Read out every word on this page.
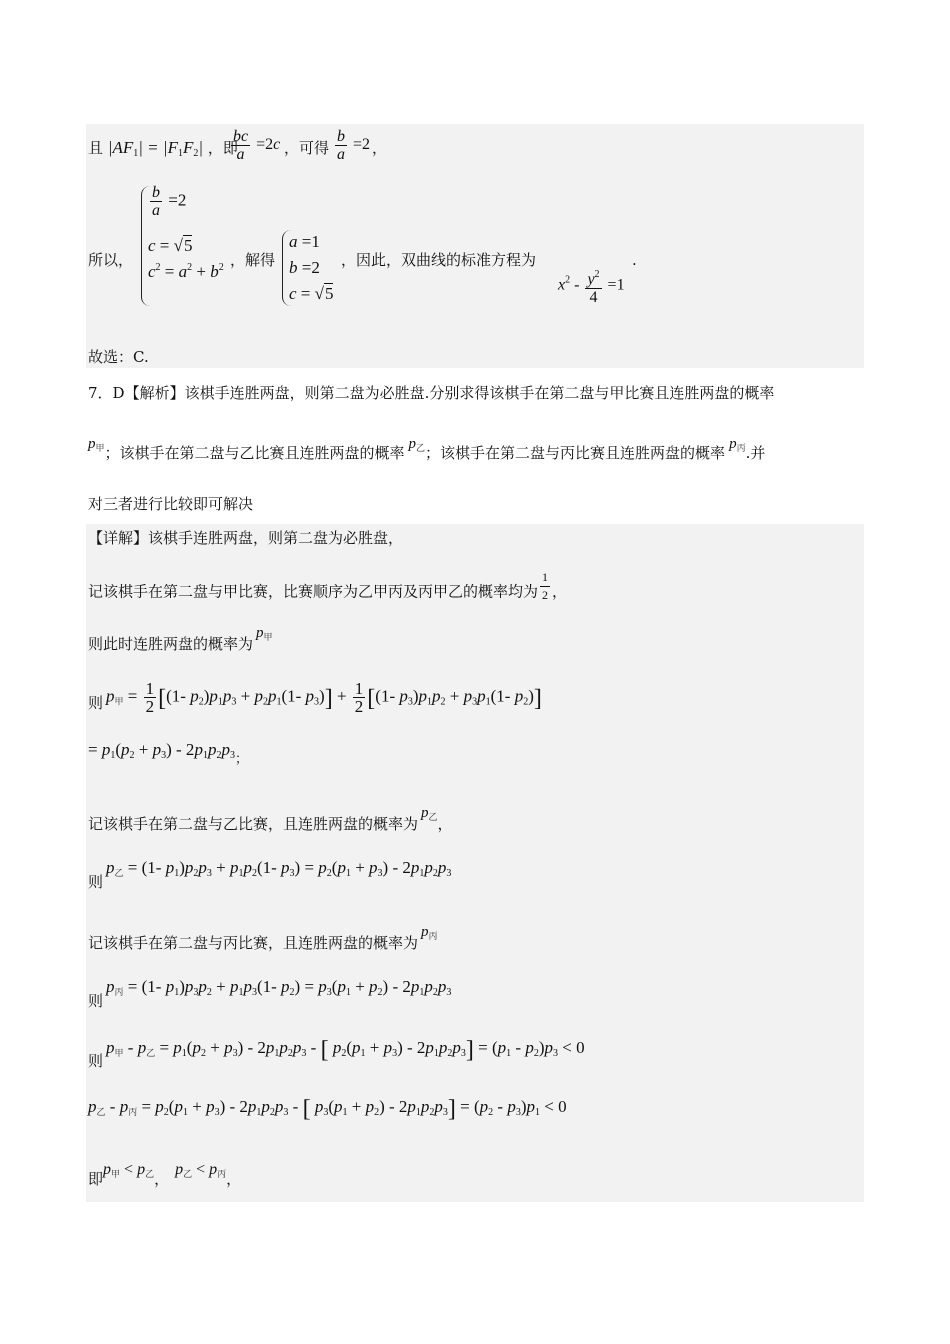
且 $|AF_1| = |F_1F_2|$ ，即
$\frac{bc}{a} =2c$ ，可得 $\frac{b}{a} =2$ ，
所以，
$\frac{b}{a} =2$
c = √5
$c^2 = a^2 + b^2$ ，解得
a =1
b =2
c = √5
，因此，双曲线的标准方程为
$x^2 - \frac{y^2}{4} =1$
.
故选：C.
7．D【解析】该棋手连胜两盘，则第二盘为必胜盘.分别求得该棋手在第二盘与甲比赛且连胜两盘的概率
$p_甲$；该棋手在第二盘与乙比赛且连胜两盘的概率 $p_乙$；该棋手在第二盘与丙比赛且连胜两盘的概率 $p_丙$.并
对三者进行比较即可解决
【详解】该棋手连胜两盘，则第二盘为必胜盘，
记该棋手在第二盘与甲比赛，比赛顺序为乙甲丙及丙甲乙的概率均为 $\frac{1}{2}$ ，
则此时连胜两盘的概率为$p_甲$
则 p甲 = $\frac{1}{2} [(1-$ $p_2)p_1p_3 + p_2p_1(1-$ $p_3)] + \frac{1}{2} [(1-$ $p_3)p_1p_2 + p_3p_1(1-$ $p_2$)]
= $p_1(p_2 + p_3) - 2p_1p_2p_{3;}$
记该棋手在第二盘与乙比赛，且连胜两盘的概率为$p_乙$，
则
p乙 = (1- $p_1)p_2p_3 + p_1p_2(1-$ $p_3) = p_2(p_1 + p_3) - 2p_1p_2p_3$
记该棋手在第二盘与丙比赛，且连胜两盘的概率为$p_丙$
则
p丙 = (1- $p_1)p_3p_2 + p_1p_3(1-$ $p_2) = p_3(p_1 + p_2) - 2p_1p_2p_3$
则
p甲 - p乙 = $p_1(p_2 + p_3) - 2p_1p_2p_3$ - [ $p_2(p_1 + p_3) - 2p_1p_2p_3] = (p_1 - p_2)p_3 < 0$
p乙 - p丙 = $p_2(p_1 + p_3) - 2p_1p_2p_3$ - [ $p_3(p_1 + p_2) - 2p_1p_2p_3] = (p_2 - p_3)p_1 < 0$
即p甲 < p乙，p乙 < p丙，
